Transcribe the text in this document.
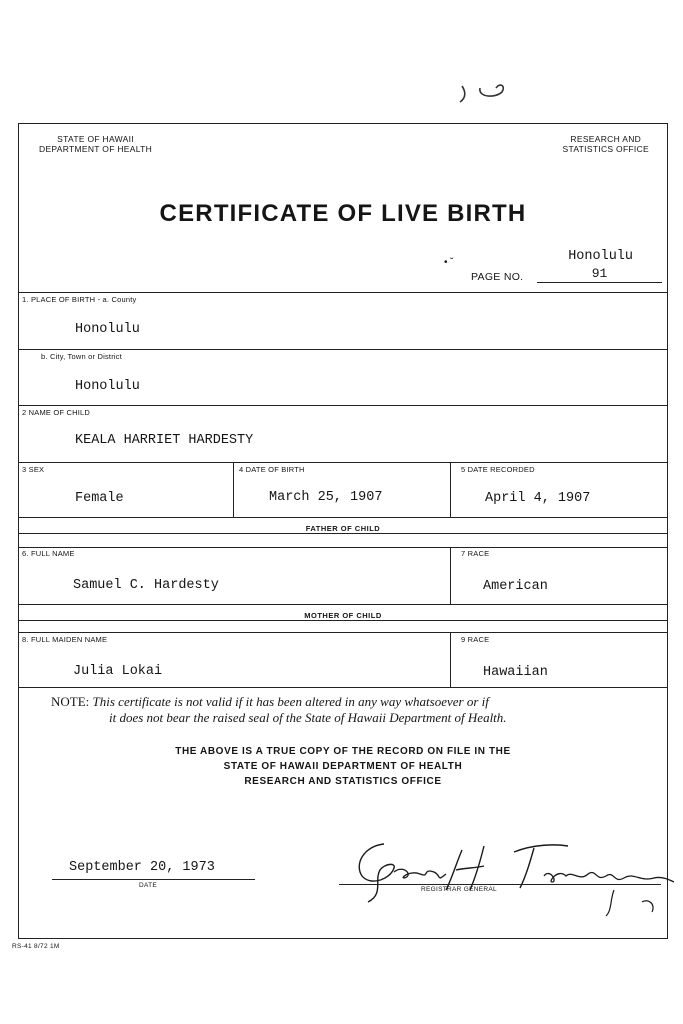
STATE OF HAWAII
DEPARTMENT OF HEALTH
RESEARCH AND
STATISTICS OFFICE
CERTIFICATE OF LIVE BIRTH
• ˘	Honolulu
PAGE NO.	91
1. PLACE OF BIRTH - a. County
Honolulu
b. City, Town or District
Honolulu
2 NAME OF CHILD
KEALA HARRIET HARDESTY
3 SEX
Female
4 DATE OF BIRTH
March 25, 1907
5 DATE RECORDED
April 4, 1907
FATHER OF CHILD
6. FULL NAME
Samuel C. Hardesty
7 RACE
American
MOTHER OF CHILD
8. FULL MAIDEN NAME
Julia Lokai
9 RACE
Hawaiian
NOTE: This certificate is not valid if it has been altered in any way whatsoever or if
it does not bear the raised seal of the State of Hawaii Department of Health.
THE ABOVE IS A TRUE COPY OF THE RECORD ON FILE IN THE
STATE OF HAWAII DEPARTMENT OF HEALTH
RESEARCH AND STATISTICS OFFICE
September 20, 1973
DATE
REGISTRAR GENERAL
RS-41 8/72 1M
